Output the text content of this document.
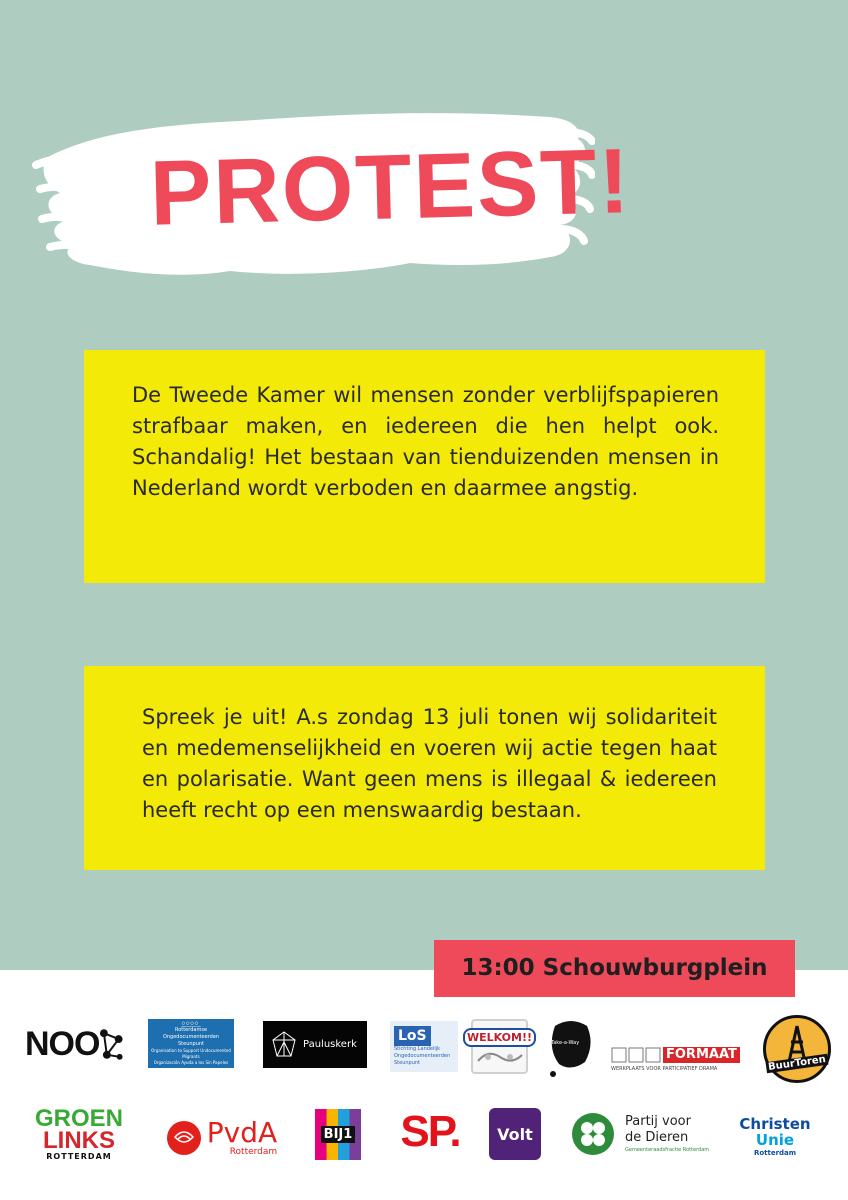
PROTEST!

De Tweede Kamer wil mensen zonder verblijfspapieren strafbaar maken, en iedereen die hen helpt ook. Schandalig! Het bestaan van tienduizenden mensen in Nederland wordt verboden en daarmee angstig.

Spreek je uit! A.s zondag 13 juli tonen wij solidariteit en medemenselijkheid en voeren wij actie tegen haat en polarisatie. Want geen mens is illegaal & iedereen heeft recht op een menswaardig bestaan.

13:00 Schouwburgplein
NOO	Rotterdamse Ongedocumenteerden Steunpunt
Organisation to Support Undocumented Migrants
Organización Ayuda a los Sin Papeles
Pauluskerk
LoS
Stichting Landelijk
Ongedocumenteerden
Steunpunt
WELKOM!!	Take-a-Way
FORMAAT
WERKPLAATS VOOR PARTICIPATIEF DRAMA	BuurToren
GROEN
LINKS
ROTTERDAM
PvdA
Rotterdam
BIJ1 SP. Volt
Partij voor
de Dieren
Gemeenteraadsfractie Rotterdam
Christen
Unie
Rotterdam
